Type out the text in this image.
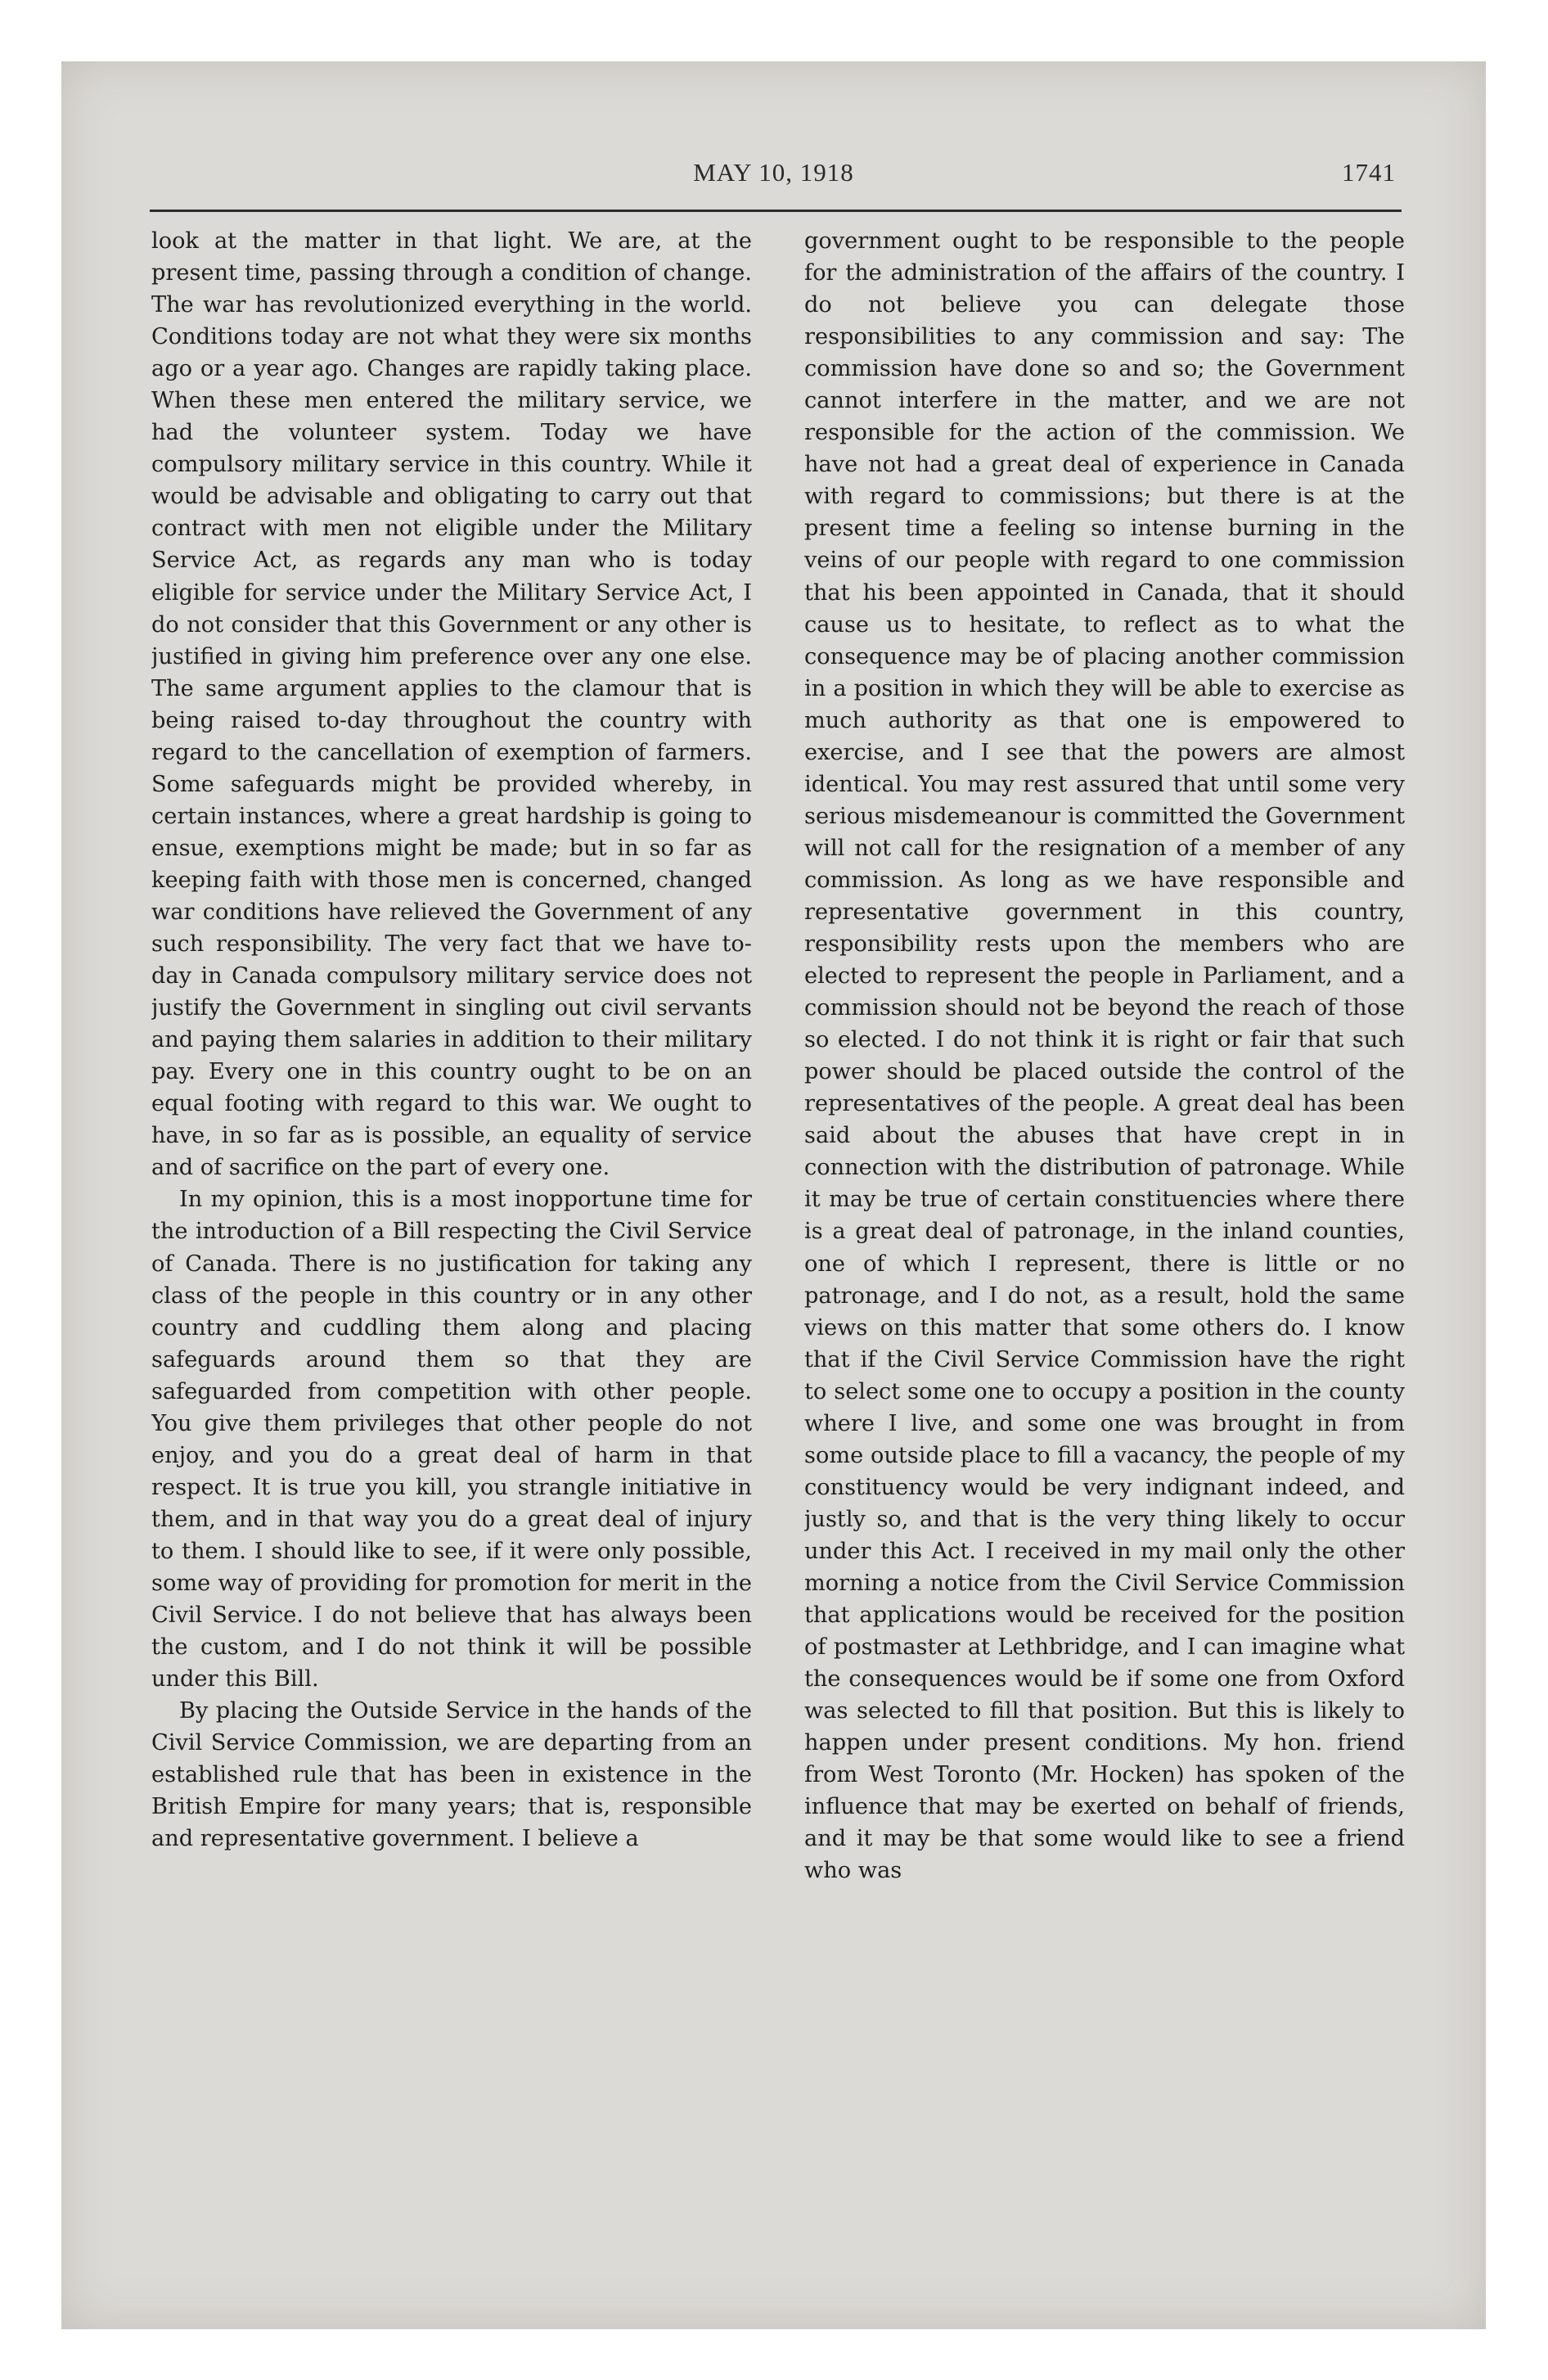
MAY 10, 1918	1741

look at the matter in that light. We are, at the present time, passing through a condition of change. The war has revolutionized everything in the world. Conditions today are not what they were six months ago or a year ago. Changes are rapidly taking place. When these men entered the military service, we had the volunteer system. Today we have compulsory military service in this country. While it would be advisable and obligating to carry out that contract with men not eligible under the Military Service Act, as regards any man who is today eligible for service under the Military Service Act, I do not consider that this Government or any other is justified in giving him preference over any one else. The same argument applies to the clamour that is being raised to-day throughout the country with regard to the cancellation of exemption of farmers. Some safeguards might be provided whereby, in certain instances, where a great hardship is going to ensue, exemptions might be made; but in so far as keeping faith with those men is concerned, changed war conditions have relieved the Government of any such responsibility. The very fact that we have to-day in Canada compulsory military service does not justify the Government in singling out civil servants and paying them salaries in addition to their military pay. Every one in this country ought to be on an equal footing with regard to this war. We ought to have, in so far as is possible, an equality of service and of sacrifice on the part of every one.

In my opinion, this is a most inopportune time for the introduction of a Bill respecting the Civil Service of Canada. There is no justification for taking any class of the people in this country or in any other country and cuddling them along and placing safeguards around them so that they are safeguarded from competition with other people. You give them privileges that other people do not enjoy, and you do a great deal of harm in that respect. It is true you kill, you strangle initiative in them, and in that way you do a great deal of injury to them. I should like to see, if it were only possible, some way of providing for promotion for merit in the Civil Service. I do not believe that has always been the custom, and I do not think it will be possible under this Bill.

By placing the Outside Service in the hands of the Civil Service Commission, we are departing from an established rule that has been in existence in the British Empire for many years; that is, responsible and representative government. I believe a

government ought to be responsible to the people for the administration of the affairs of the country. I do not believe you can delegate those responsibilities to any commission and say: The commission have done so and so; the Government cannot interfere in the matter, and we are not responsible for the action of the commission. We have not had a great deal of experience in Canada with regard to commissions; but there is at the present time a feeling so intense burning in the veins of our people with regard to one commission that his been appointed in Canada, that it should cause us to hesitate, to reflect as to what the consequence may be of placing another commission in a position in which they will be able to exercise as much authority as that one is empowered to exercise, and I see that the powers are almost identical. You may rest assured that until some very serious misdemeanour is committed the Government will not call for the resignation of a member of any commission. As long as we have responsible and representative government in this country, responsibility rests upon the members who are elected to represent the people in Parliament, and a commission should not be beyond the reach of those so elected. I do not think it is right or fair that such power should be placed outside the control of the representatives of the people. A great deal has been said about the abuses that have crept in in connection with the distribution of patronage. While it may be true of certain constituencies where there is a great deal of patronage, in the inland counties, one of which I represent, there is little or no patronage, and I do not, as a result, hold the same views on this matter that some others do. I know that if the Civil Service Commission have the right to select some one to occupy a position in the county where I live, and some one was brought in from some outside place to fill a vacancy, the people of my constituency would be very indignant indeed, and justly so, and that is the very thing likely to occur under this Act. I received in my mail only the other morning a notice from the Civil Service Commission that applications would be received for the position of postmaster at Lethbridge, and I can imagine what the consequences would be if some one from Oxford was selected to fill that position. But this is likely to happen under present conditions. My hon. friend from West Toronto (Mr. Hocken) has spoken of the influence that may be exerted on behalf of friends, and it may be that some would like to see a friend who was
